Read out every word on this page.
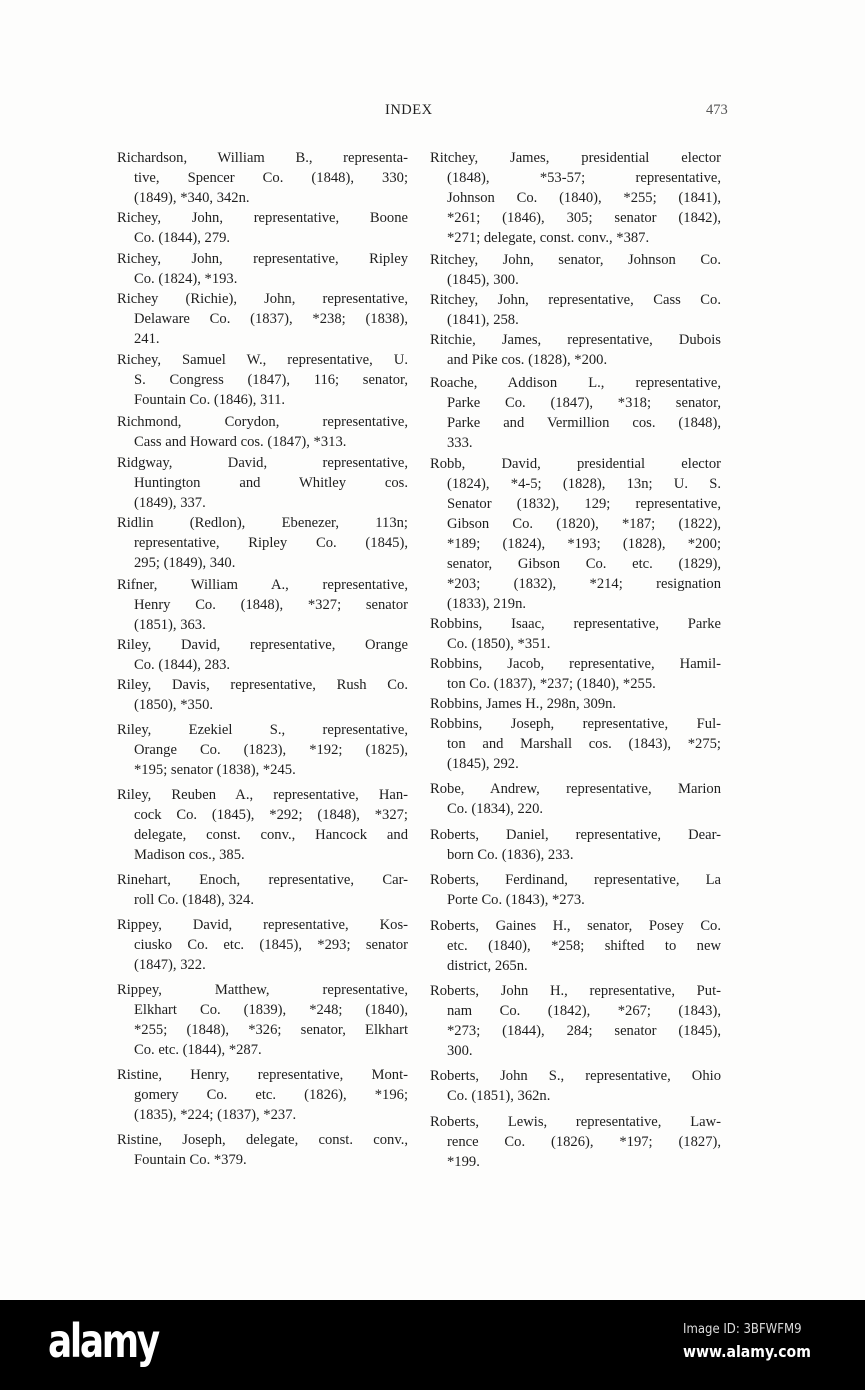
INDEX	473
Richardson, William B., representa-
tive, Spencer Co. (1848), 330;
(1849), *340, 342n.
Richey, John, representative, Boone
Co. (1844), 279.
Richey, John, representative, Ripley
Co. (1824), *193.
Richey (Richie), John, representative,
Delaware Co. (1837), *238; (1838),
241.
Richey, Samuel W., representative, U.
S. Congress (1847), 116; senator,
Fountain Co. (1846), 311.
Richmond, Corydon, representative,
Cass and Howard cos. (1847), *313.
Ridgway, David, representative,
Huntington and Whitley cos.
(1849), 337.
Ridlin (Redlon), Ebenezer, 113n;
representative, Ripley Co. (1845),
295; (1849), 340.
Rifner, William A., representative,
Henry Co. (1848), *327; senator
(1851), 363.
Riley, David, representative, Orange
Co. (1844), 283.
Riley, Davis, representative, Rush Co.
(1850), *350.
Riley, Ezekiel S., representative,
Orange Co. (1823), *192; (1825),
*195; senator (1838), *245.
Riley, Reuben A., representative, Han-
cock Co. (1845), *292; (1848), *327;
delegate, const. conv., Hancock and
Madison cos., 385.
Rinehart, Enoch, representative, Car-
roll Co. (1848), 324.
Rippey, David, representative, Kos-
ciusko Co. etc. (1845), *293; senator
(1847), 322.
Rippey, Matthew, representative,
Elkhart Co. (1839), *248; (1840),
*255; (1848), *326; senator, Elkhart
Co. etc. (1844), *287.
Ristine, Henry, representative, Mont-
gomery Co. etc. (1826), *196;
(1835), *224; (1837), *237.
Ristine, Joseph, delegate, const. conv.,
Fountain Co. *379.
Ritchey, James, presidential elector
(1848), *53-57; representative,
Johnson Co. (1840), *255; (1841),
*261; (1846), 305; senator (1842),
*271; delegate, const. conv., *387.
Ritchey, John, senator, Johnson Co.
(1845), 300.
Ritchey, John, representative, Cass Co.
(1841), 258.
Ritchie, James, representative, Dubois
and Pike cos. (1828), *200.
Roache, Addison L., representative,
Parke Co. (1847), *318; senator,
Parke and Vermillion cos. (1848),
333.
Robb, David, presidential elector
(1824), *4-5; (1828), 13n; U. S.
Senator (1832), 129; representative,
Gibson Co. (1820), *187; (1822),
*189; (1824), *193; (1828), *200;
senator, Gibson Co. etc. (1829),
*203; (1832), *214; resignation
(1833), 219n.
Robbins, Isaac, representative, Parke
Co. (1850), *351.
Robbins, Jacob, representative, Hamil-
ton Co. (1837), *237; (1840), *255.
Robbins, James H., 298n, 309n.
Robbins, Joseph, representative, Ful-
ton and Marshall cos. (1843), *275;
(1845), 292.
Robe, Andrew, representative, Marion
Co. (1834), 220.
Roberts, Daniel, representative, Dear-
born Co. (1836), 233.
Roberts, Ferdinand, representative, La
Porte Co. (1843), *273.
Roberts, Gaines H., senator, Posey Co.
etc. (1840), *258; shifted to new
district, 265n.
Roberts, John H., representative, Put-
nam Co. (1842), *267; (1843),
*273; (1844), 284; senator (1845),
300.
Roberts, John S., representative, Ohio
Co. (1851), 362n.
Roberts, Lewis, representative, Law-
rence Co. (1826), *197; (1827),
*199.
alamy	Image ID: 3BFWFM9
www.alamy.com
